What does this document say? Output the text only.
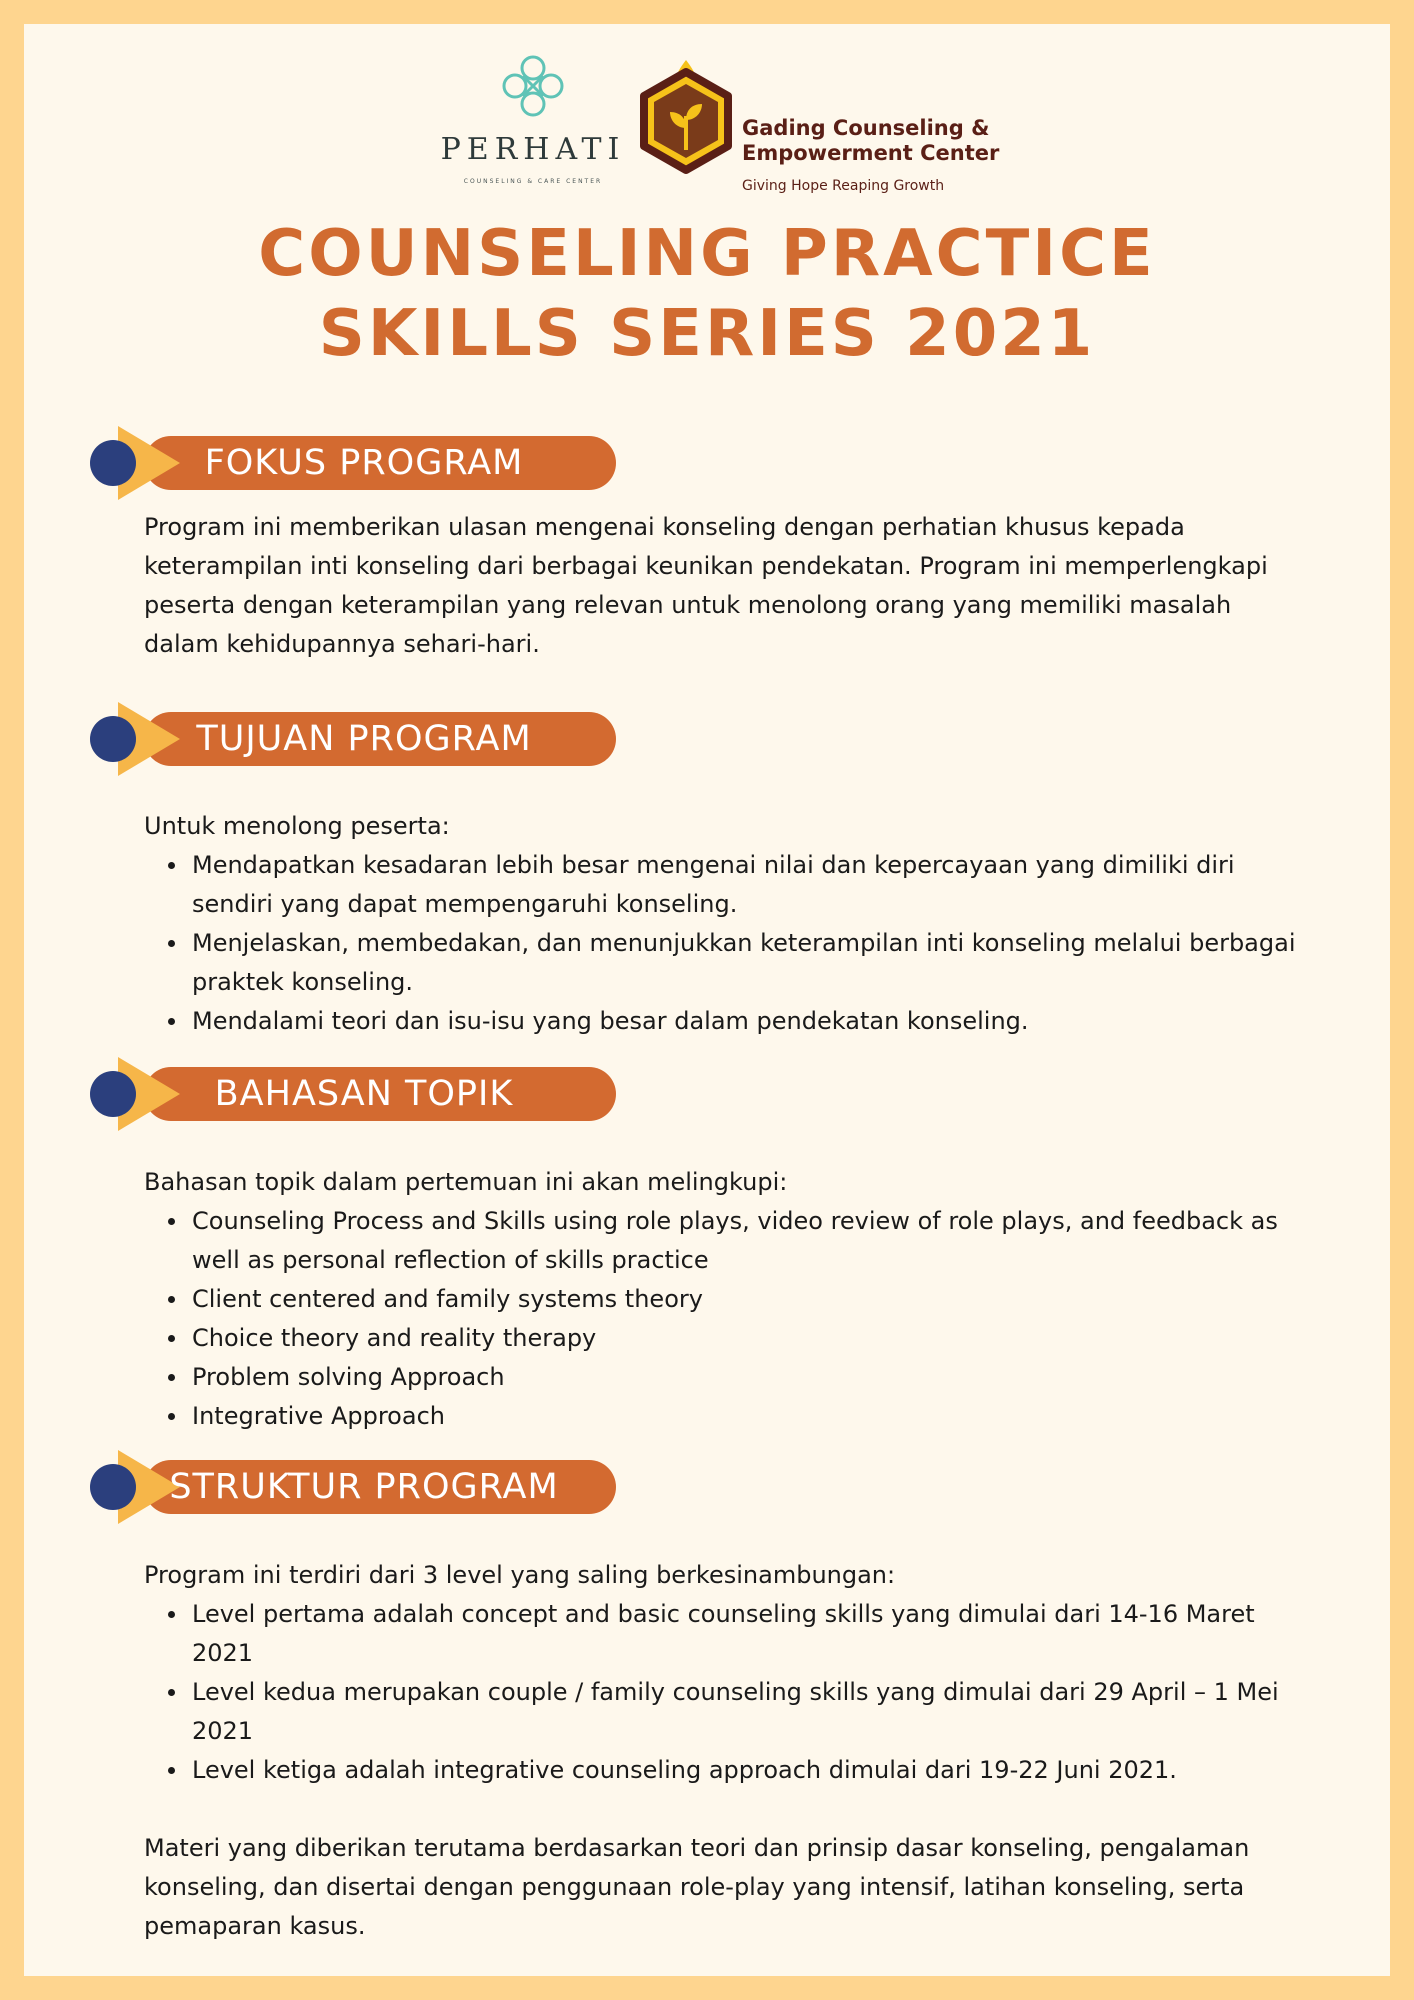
PERHATI
COUNSELING & CARE CENTER
Gading Counseling &
Empowerment Center
Giving Hope Reaping Growth
COUNSELING PRACTICE
SKILLS SERIES 2021
FOKUS PROGRAM

Program ini memberikan ulasan mengenai konseling dengan perhatian khusus kepada keterampilan inti konseling dari berbagai keunikan pendekatan. Program ini memperlengkapi peserta dengan keterampilan yang relevan untuk menolong orang yang memiliki masalah dalam kehidupannya sehari-hari.

TUJUAN PROGRAM

Untuk menolong peserta:

Mendapatkan kesadaran lebih besar mengenai nilai dan kepercayaan yang dimiliki diri sendiri yang dapat mempengaruhi konseling.
Menjelaskan, membedakan, dan menunjukkan keterampilan inti konseling melalui berbagai praktek konseling.
Mendalami teori dan isu-isu yang besar dalam pendekatan konseling.
BAHASAN TOPIK

Bahasan topik dalam pertemuan ini akan melingkupi:

Counseling Process and Skills using role plays, video review of role plays, and feedback as well as personal reflection of skills practice
Client centered and family systems theory
Choice theory and reality therapy
Problem solving Approach
Integrative Approach
STRUKTUR PROGRAM

Program ini terdiri dari 3 level yang saling berkesinambungan:

Level pertama adalah concept and basic counseling skills yang dimulai dari 14-16 Maret 2021
Level kedua merupakan couple / family counseling skills yang dimulai dari 29 April – 1 Mei 2021
Level ketiga adalah integrative counseling approach dimulai dari 19-22 Juni 2021.

Materi yang diberikan terutama berdasarkan teori dan prinsip dasar konseling, pengalaman konseling, dan disertai dengan penggunaan role-play yang intensif, latihan konseling, serta pemaparan kasus.
